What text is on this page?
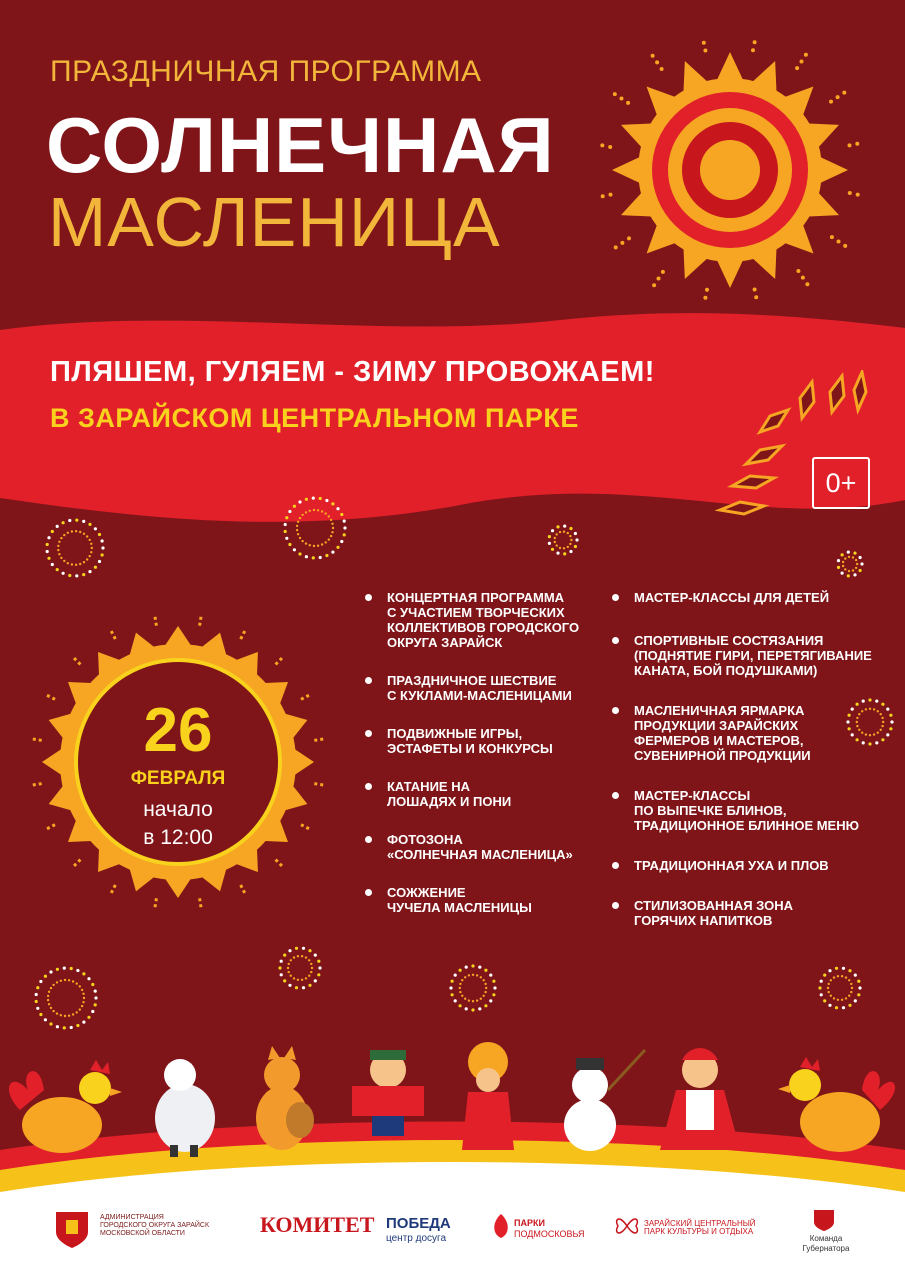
ПРАЗДНИЧНАЯ ПРОГРАММА
СОЛНЕЧНАЯ
МАСЛЕНИЦА
ПЛЯШЕМ, ГУЛЯЕМ - ЗИМУ ПРОВОЖАЕМ!
В ЗАРАЙСКОМ ЦЕНТРАЛЬНОМ ПАРКЕ
0+
26
ФЕВРАЛЯ
начало
в 12:00
КОНЦЕРТНАЯ ПРОГРАММА
С УЧАСТИЕМ ТВОРЧЕСКИХ
КОЛЛЕКТИВОВ ГОРОДСКОГО
ОКРУГА ЗАРАЙСК
ПРАЗДНИЧНОЕ ШЕСТВИЕ
С КУКЛАМИ-МАСЛЕНИЦАМИ
ПОДВИЖНЫЕ ИГРЫ,
ЭСТАФЕТЫ И КОНКУРСЫ
КАТАНИЕ НА
ЛОШАДЯХ И ПОНИ
ФОТОЗОНА
«СОЛНЕЧНАЯ МАСЛЕНИЦА»
СОЖЖЕНИЕ
ЧУЧЕЛА МАСЛЕНИЦЫ
МАСТЕР-КЛАССЫ ДЛЯ ДЕТЕЙ
СПОРТИВНЫЕ СОСТЯЗАНИЯ
(ПОДНЯТИЕ ГИРИ, ПЕРЕТЯГИВАНИЕ
КАНАТА, БОЙ ПОДУШКАМИ)
МАСЛЕНИЧНАЯ ЯРМАРКА
ПРОДУКЦИИ ЗАРАЙСКИХ
ФЕРМЕРОВ И МАСТЕРОВ,
СУВЕНИРНОЙ ПРОДУКЦИИ
МАСТЕР-КЛАССЫ
ПО ВЫПЕЧКЕ БЛИНОВ,
ТРАДИЦИОННОЕ БЛИННОЕ МЕНЮ
ТРАДИЦИОННАЯ УХА И ПЛОВ
СТИЛИЗОВАННАЯ ЗОНА
ГОРЯЧИХ НАПИТКОВ
АДМИНИСТРАЦИЯ
ГОРОДСКОГО ОКРУГА ЗАРАЙСК
МОСКОВСКОЙ ОБЛАСТИ	КОМИТЕТ ПОБЕДА
центр досуга
ПАРКИ
ПОДМОСКОВЬЯ
ЗАРАЙСКИЙ ЦЕНТРАЛЬНЫЙ
ПАРК КУЛЬТУРЫ И ОТДЫХА
Команда
Губернатора
